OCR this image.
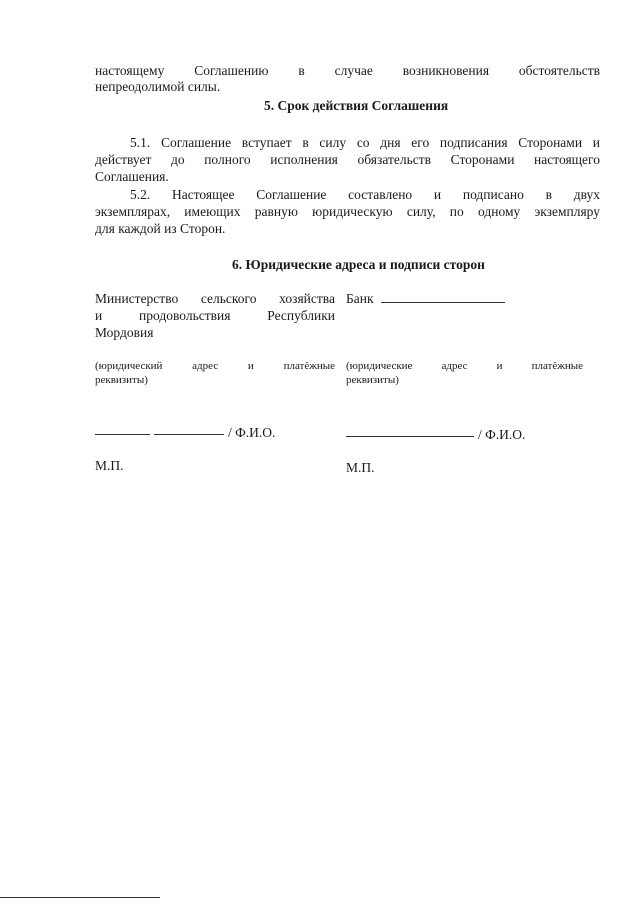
настоящему Соглашению в случае возникновения обстоятельств
непреодолимой силы.
5. Срок действия Соглашения
5.1. Соглашение вступает в силу со дня его подписания Сторонами и
действует до полного исполнения обязательств Сторонами настоящего
Соглашения.
5.2. Настоящее Соглашение составлено и подписано в двух
экземплярах, имеющих равную юридическую силу, по одному экземпляру
для каждой из Сторон.
6. Юридические адреса и подписи сторон
Министерство сельского хозяйства
и продовольствия Республики
Мордовия
(юридический адрес и платёжные
реквизиты)
/ Ф.И.О.
М.П.
Банк
(юридические адрес и платёжные
реквизиты)
/ Ф.И.О.
М.П.
